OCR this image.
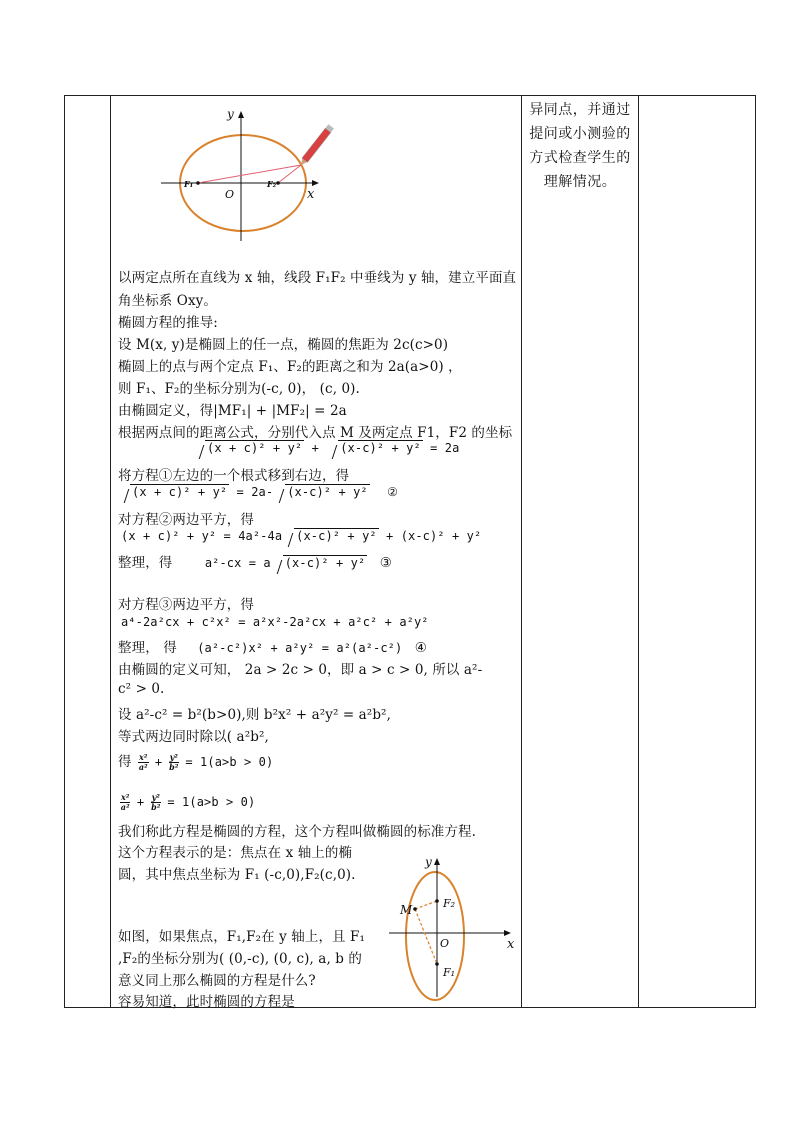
y
x
O
F₁	F₂
以两定点所在直线为 x 轴，线段 F₁F₂ 中垂线为 y 轴，建立平面直
角坐标系 Oxy。
椭圆方程的推导:
设 M(x, y)是椭圆上的任一点，椭圆的焦距为 2c(c>0)
椭圆上的点与两个定点 F₁、F₂的距离之和为 2a(a>0) ，
则 F₁、F₂的坐标分别为(-c, 0)， (c, 0).
由椭圆定义，得|MF₁| + |MF₂| = 2a
根据两点间的距离公式，分别代入点 M 及两定点 F1，F2 的坐标
(x + c)² + y² + (x-c)² + y² = 2a
将方程①左边的一个根式移到右边，得
(x + c)² + y² = 2a- (x-c)² + y² ②
对方程②两边平方，得
(x + c)² + y² = 4a²-4a (x-c)² + y² + (x-c)² + y²
整理，得	a²-cx = a (x-c)² + y² ③
对方程③两边平方，得
a⁴-2a²cx + c²x² = a²x²-2a²cx + a²c² + a²y²
整理， 得 (a²-c²)x² + a²y² = a²(a²-c²) ④
由椭圆的定义可知， 2a > 2c > 0，即 a > c > 0, 所以 a²-
c² > 0.
设 a²-c² = b²(b>0),则 b²x² + a²y² = a²b²,
等式两边同时除以( a²b²,
得 $\frac{\text{x²}}{\text{a²}} + \frac{\text{y²}}{\text{b²}} = 1(a>b > 0)$
$\frac{\text{x²}}{\text{a²}} + \frac{\text{y²}}{\text{b²}} = 1(a>b > 0)$
我们称此方程是椭圆的方程，这个方程叫做椭圆的标准方程.
这个方程表示的是：焦点在 x 轴上的椭
圆，其中焦点坐标为 F₁ (-c,0),F₂(c,0).
如图，如果焦点，F₁,F₂在 y 轴上，且 F₁
,F₂的坐标分别为( (0,-c), (0, c), a, b 的
意义同上那么椭圆的方程是什么?
容易知道，此时椭圆的方程是
y
x
O
M	F₂
F₁

异同点，并通过提问或小测验的方式检查学生的理解情况。
